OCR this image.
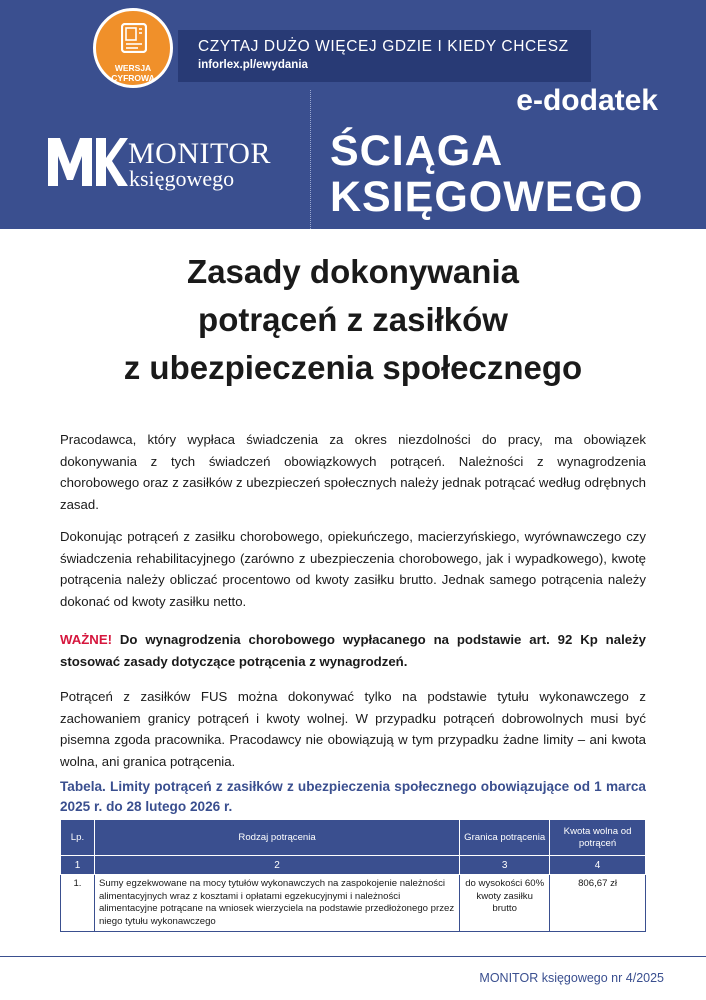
CZYTAJ DUŻO WIĘCEJ GDZIE I KIEDY CHCESZ
inforlex.pl/ewydania
MONITOR
księgowego
e-dodatek
ŚCIĄGA
KSIĘGOWEGO
WERSJA
CYFROWA
Zasady dokonywania
potrąceń z zasiłków
z ubezpieczenia społecznego

Pracodawca, który wypłaca świadczenia za okres niezdolności do pracy, ma obowiązek dokonywania z tych świadczeń obowiązkowych potrąceń. Należności z wynagrodzenia chorobowego oraz z zasiłków z ubezpieczeń społecznych należy jednak potrącać według odrębnych zasad.

Dokonując potrąceń z zasiłku chorobowego, opiekuńczego, macierzyńskiego, wyrównawczego czy świadczenia rehabilitacyjnego (zarówno z ubezpieczenia chorobowego, jak i wypadkowego), kwotę potrącenia należy obliczać procentowo od kwoty zasiłku brutto. Jednak samego potrącenia należy dokonać od kwoty zasiłku netto.

WAŻNE! Do wynagrodzenia chorobowego wypłacanego na podstawie art. 92 Kp należy stosować zasady dotyczące potrącenia z wynagrodzeń.

Potrąceń z zasiłków FUS można dokonywać tylko na podstawie tytułu wykonawczego z zachowaniem granicy potrąceń i kwoty wolnej. W przypadku potrąceń dobrowolnych musi być pisemna zgoda pracownika. Pracodawcy nie obowiązują w tym przypadku żadne limity – ani kwota wolna, ani granica potrącenia.

Tabela. Limity potrąceń z zasiłków z ubezpieczenia społecznego obowiązujące od 1 marca 2025 r. do 28 lutego 2026 r.

Lp.	Rodzaj potrącenia	Granica potrącenia	Kwota wolna od potrąceń
1	2	3	4
1.	Sumy egzekwowane na mocy tytułów wykonawczych na zaspokojenie należności alimentacyjnych wraz z kosztami i opłatami egzekucyjnymi i należności alimentacyjne potrącane na wniosek wierzyciela na podstawie przedłożonego przez niego tytułu wykonawczego	do wysokości 60% kwoty zasiłku brutto	806,67 zł
MONITOR księgowego nr 4/2025
